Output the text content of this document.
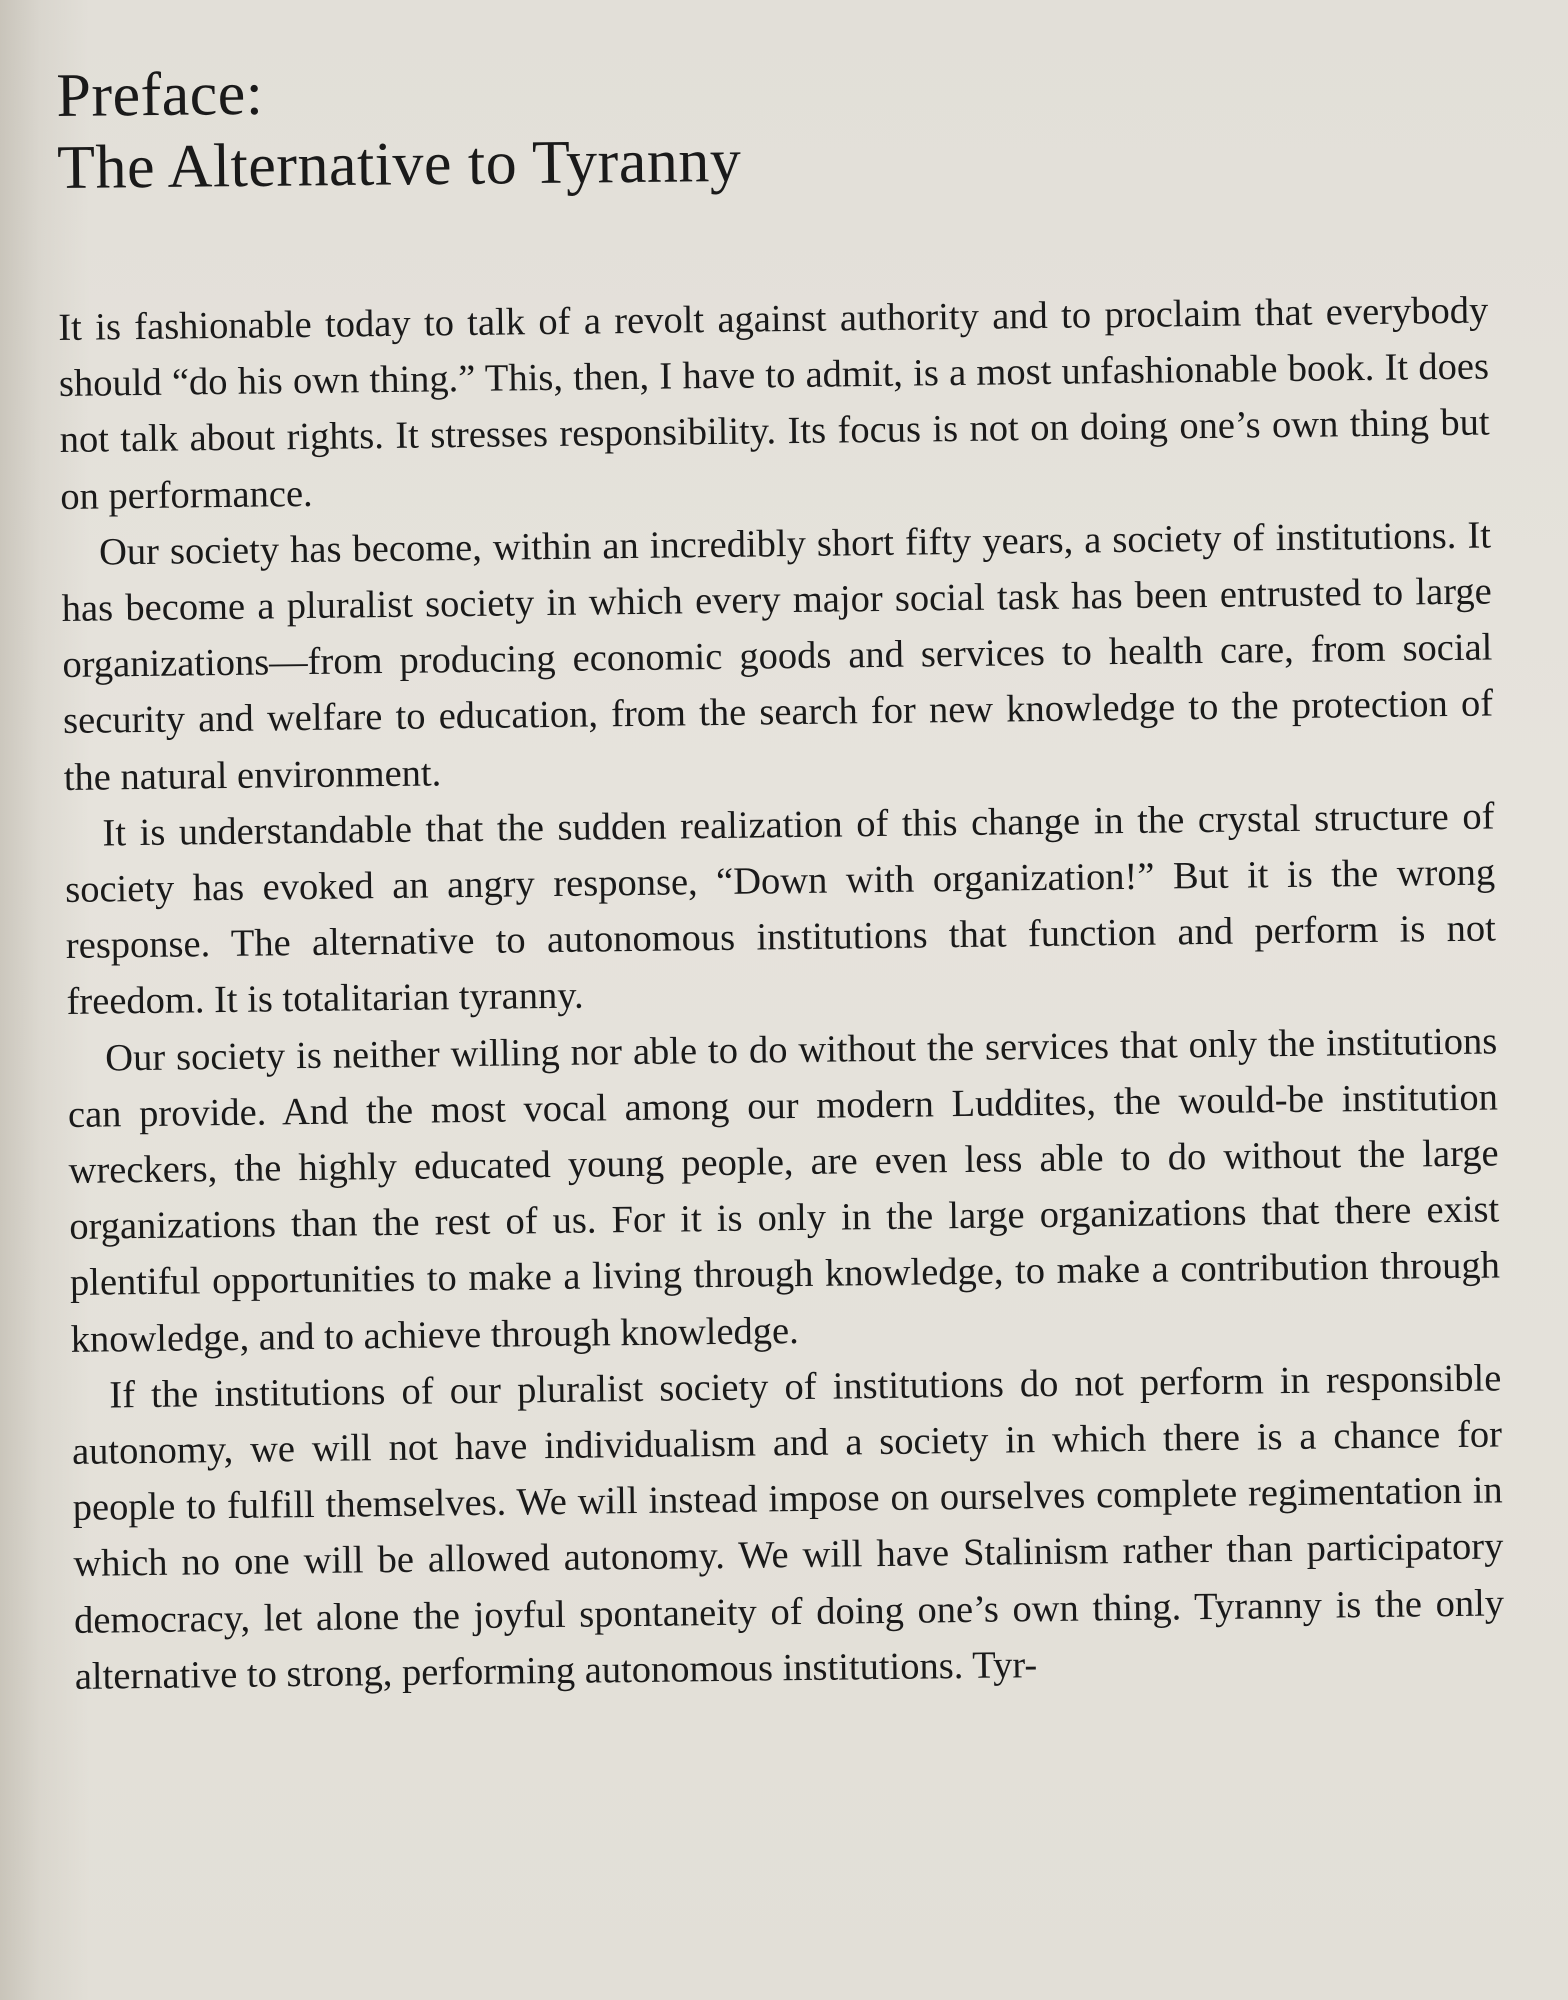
Preface:
The Alternative to Tyranny

It is fashionable today to talk of a revolt against authority and to proclaim that everybody should “do his own thing.” This, then, I have to admit, is a most unfashionable book. It does not talk about rights. It stresses responsibility. Its focus is not on doing one’s own thing but on performance.

Our society has become, within an incredibly short fifty years, a society of institutions. It has become a pluralist society in which every major social task has been entrusted to large organizations—from producing economic goods and services to health care, from social security and welfare to education, from the search for new knowledge to the protection of the natural environment.

It is understandable that the sudden realization of this change in the crystal structure of society has evoked an angry response, “Down with organization!” But it is the wrong response. The alternative to autonomous institutions that function and perform is not freedom. It is totalitarian tyranny.

Our society is neither willing nor able to do without the services that only the institutions can provide. And the most vocal among our modern Luddites, the would-be institution wreckers, the highly educated young people, are even less able to do without the large organizations than the rest of us. For it is only in the large organizations that there exist plentiful opportunities to make a living through knowledge, to make a contribution through knowledge, and to achieve through knowledge.

If the institutions of our pluralist society of institutions do not perform in responsible autonomy, we will not have individualism and a society in which there is a chance for people to fulfill themselves. We will instead impose on ourselves complete regimentation in which no one will be allowed autonomy. We will have Stalinism rather than participatory democracy, let alone the joyful spontaneity of doing one’s own thing. Tyranny is the only alternative to strong, performing autonomous institutions. Tyr-
